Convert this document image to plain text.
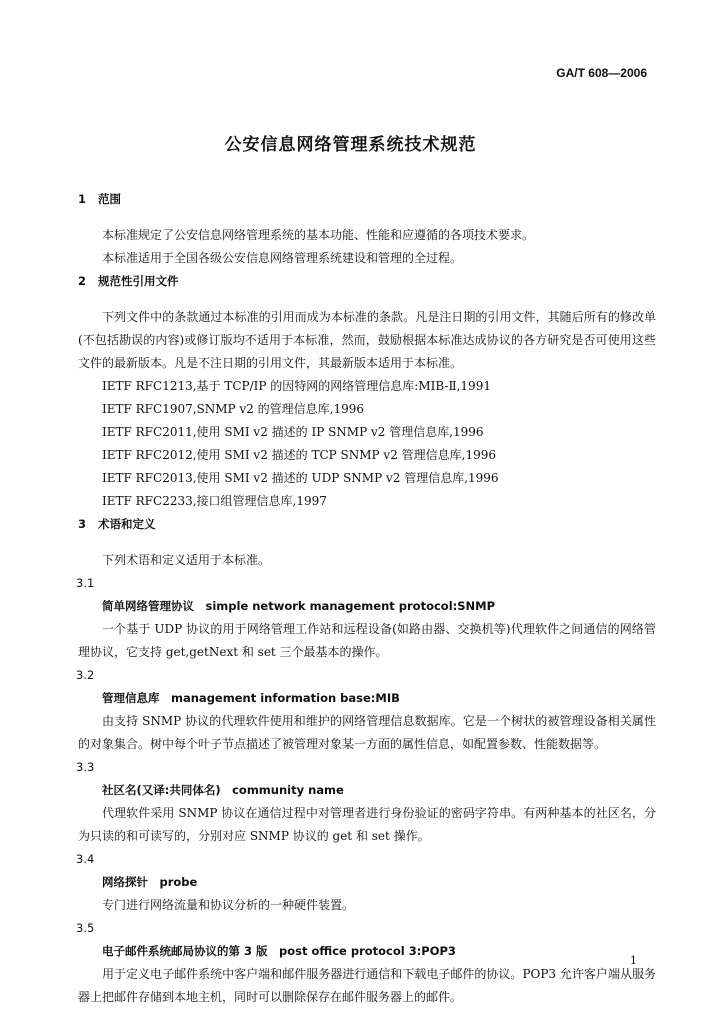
GA/T 608—2006
公安信息网络管理系统技术规范

1 范围

本标准规定了公安信息网络管理系统的基本功能、性能和应遵循的各项技术要求。

本标准适用于全国各级公安信息网络管理系统建设和管理的全过程。

2 规范性引用文件

下列文件中的条款通过本标准的引用而成为本标准的条款。凡是注日期的引用文件，其随后所有的修改单(不包括勘误的内容)或修订版均不适用于本标准，然而，鼓励根据本标准达成协议的各方研究是否可使用这些文件的最新版本。凡是不注日期的引用文件，其最新版本适用于本标准。

IETF RFC1213,基于 TCP/IP 的因特网的网络管理信息库:MIB-Ⅱ,1991

IETF RFC1907,SNMP v2 的管理信息库,1996

IETF RFC2011,使用 SMI v2 描述的 IP SNMP v2 管理信息库,1996

IETF RFC2012,使用 SMI v2 描述的 TCP SNMP v2 管理信息库,1996

IETF RFC2013,使用 SMI v2 描述的 UDP SNMP v2 管理信息库,1996

IETF RFC2233,接口组管理信息库,1997

3 术语和定义

下列术语和定义适用于本标准。

3.1

简单网络管理协议　simple network management protocol:SNMP

一个基于 UDP 协议的用于网络管理工作站和远程设备(如路由器、交换机等)代理软件之间通信的网络管理协议，它支持 get,getNext 和 set 三个最基本的操作。

3.2

管理信息库　management information base:MIB

由支持 SNMP 协议的代理软件使用和维护的网络管理信息数据库。它是一个树状的被管理设备相关属性的对象集合。树中每个叶子节点描述了被管理对象某一方面的属性信息，如配置参数、性能数据等。

3.3

社区名(又译:共同体名)　community name

代理软件采用 SNMP 协议在通信过程中对管理者进行身份验证的密码字符串。有两种基本的社区名，分为只读的和可读写的，分别对应 SNMP 协议的 get 和 set 操作。

3.4

网络探针　probe

专门进行网络流量和协议分析的一种硬件装置。

3.5

电子邮件系统邮局协议的第 3 版　post office protocol 3:POP3

用于定义电子邮件系统中客户端和邮件服务器进行通信和下载电子邮件的协议。POP3 允许客户端从服务器上把邮件存储到本地主机，同时可以删除保存在邮件服务器上的邮件。

1
